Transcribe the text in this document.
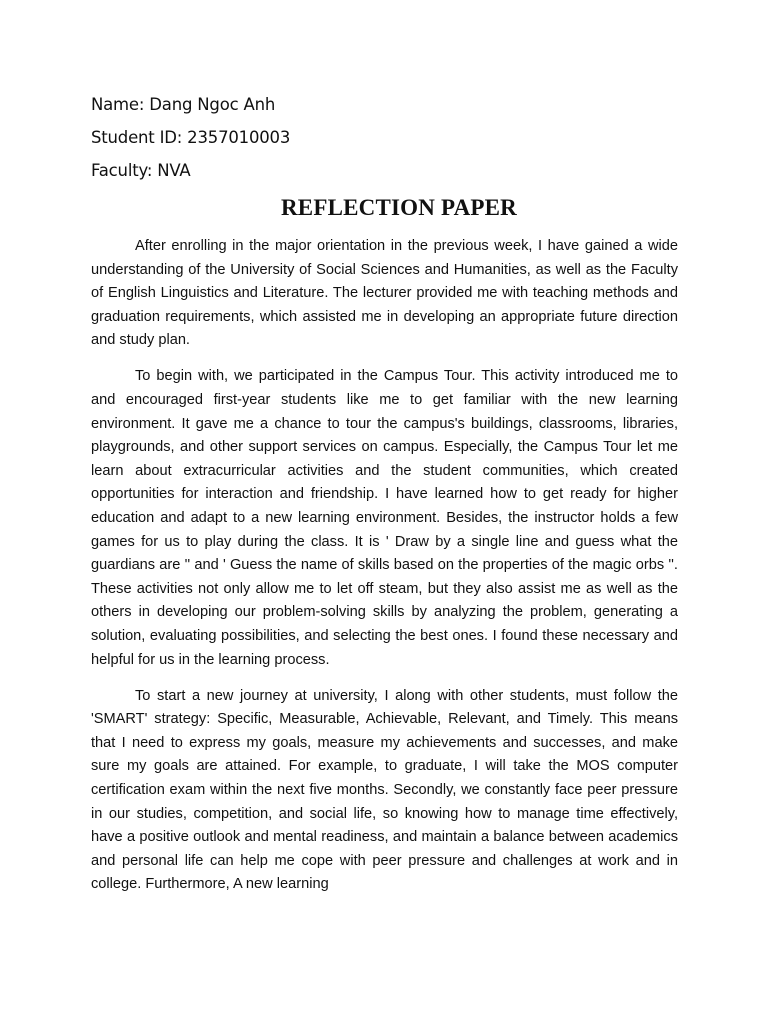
Name: Dang Ngoc Anh
Student ID: 2357010003
Faculty: NVA
REFLECTION PAPER

After enrolling in the major orientation in the previous week, I have gained a wide understanding of the University of Social Sciences and Humanities, as well as the Faculty of English Linguistics and Literature. The lecturer provided me with teaching methods and graduation requirements, which assisted me in developing an appropriate future direction and study plan.

To begin with, we participated in the Campus Tour. This activity introduced me to and encouraged first-year students like me to get familiar with the new learning environment. It gave me a chance to tour the campus's buildings, classrooms, libraries, playgrounds, and other support services on campus. Especially, the Campus Tour let me learn about extracurricular activities and the student communities, which created opportunities for interaction and friendship. I have learned how to get ready for higher education and adapt to a new learning environment. Besides, the instructor holds a few games for us to play during the class. It is ' Draw by a single line and guess what the guardians are '' and ' Guess the name of skills based on the properties of the magic orbs ''. These activities not only allow me to let off steam, but they also assist me as well as the others in developing our problem-solving skills by analyzing the problem, generating a solution, evaluating possibilities, and selecting the best ones. I found these necessary and helpful for us in the learning process.

To start a new journey at university, I along with other students, must follow the 'SMART' strategy: Specific, Measurable, Achievable, Relevant, and Timely. This means that I need to express my goals, measure my achievements and successes, and make sure my goals are attained. For example, to graduate, I will take the MOS computer certification exam within the next five months. Secondly, we constantly face peer pressure in our studies, competition, and social life, so knowing how to manage time effectively, have a positive outlook and mental readiness, and maintain a balance between academics and personal life can help me cope with peer pressure and challenges at work and in college. Furthermore, A new learning
